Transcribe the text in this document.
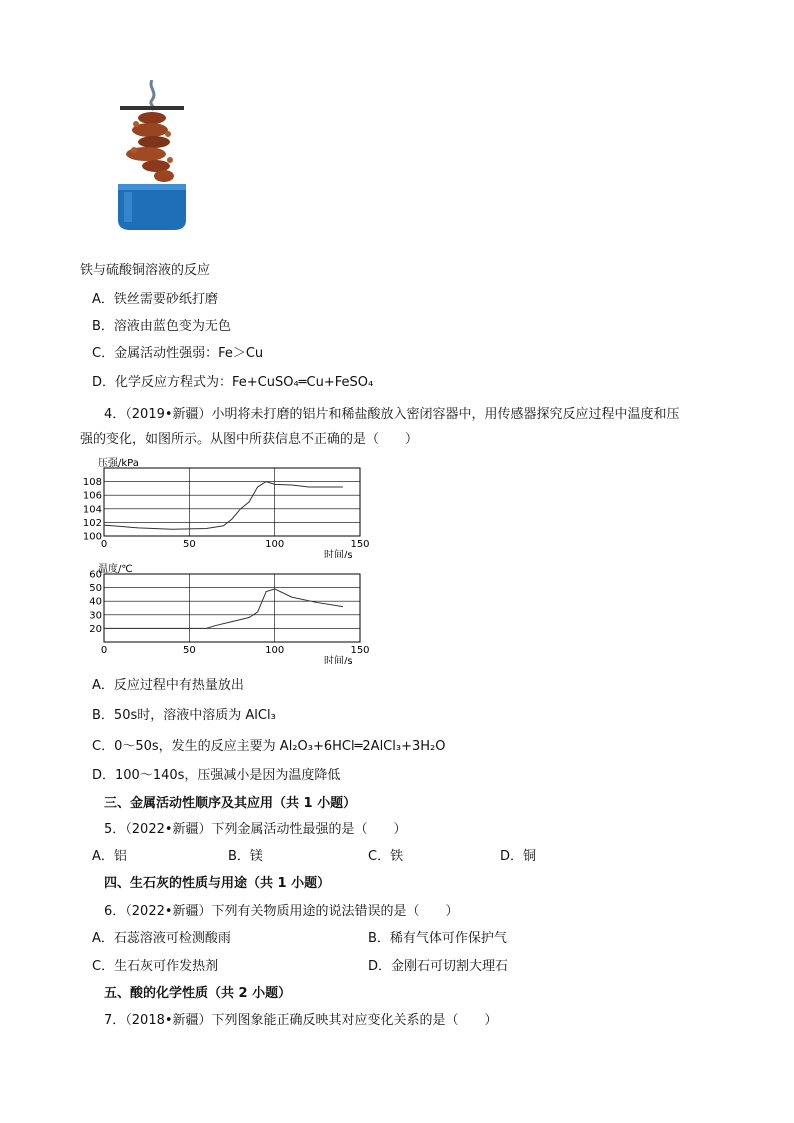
铁与硫酸铜溶液的反应
A．铁丝需要砂纸打磨
B．溶液由蓝色变为无色
C．金属活动性强弱：Fe＞Cu
D．化学反应方程式为：Fe+CuSO₄═Cu+FeSO₄
4．（2019•新疆）小明将未打磨的铝片和稀盐酸放入密闭容器中，用传感器探究反应过程中温度和压
强的变化，如图所示。从图中所获信息不正确的是（　　）
100
102
104
106
108
0	50	100	150
压强/kPa
时间/s
20
30
40
50
60
0	50	100	150
温度/℃
时间/s
A．反应过程中有热量放出
B．50s时，溶液中溶质为 AlCl₃
C．0～50s，发生的反应主要为 Al₂O₃+6HCl═2AlCl₃+3H₂O
D．100～140s，压强减小是因为温度降低
三、金属活动性顺序及其应用（共 1 小题）
5．（2022•新疆）下列金属活动性最强的是（　　）
A．铝	B．镁	C．铁	D．铜
四、生石灰的性质与用途（共 1 小题）
6．（2022•新疆）下列有关物质用途的说法错误的是（　　）
A．石蕊溶液可检测酸雨	B．稀有气体可作保护气
C．生石灰可作发热剂	D．金刚石可切割大理石
五、酸的化学性质（共 2 小题）
7．（2018•新疆）下列图象能正确反映其对应变化关系的是（　　）
